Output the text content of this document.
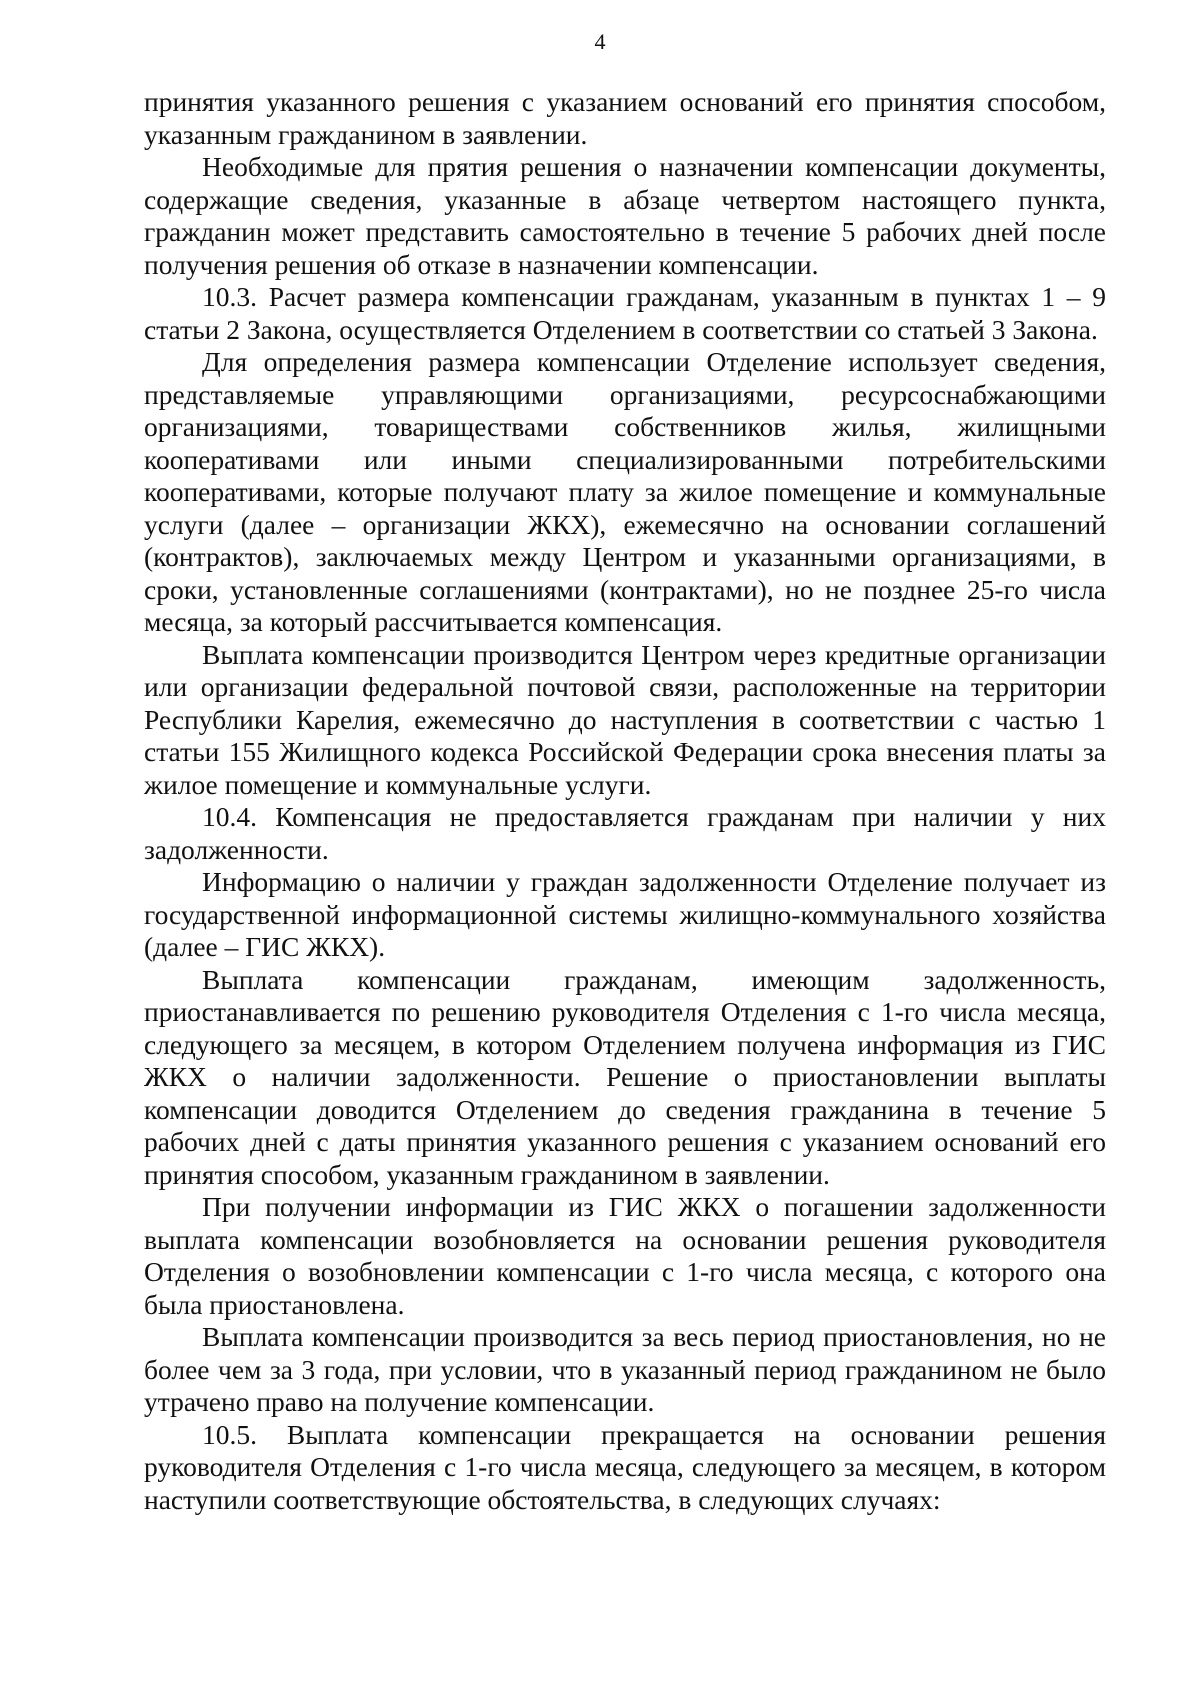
4

принятия указанного решения с указанием оснований его принятия способом, указанным гражданином в заявлении.

Необходимые для прятия решения о назначении компенсации документы, содержащие сведения, указанные в абзаце четвертом настоящего пункта, гражданин может представить самостоятельно в течение 5 рабочих дней после получения решения об отказе в назначении компенсации.

10.3. Расчет размера компенсации гражданам, указанным в пунктах 1 – 9 статьи 2 Закона, осуществляется Отделением в соответствии со статьей 3 Закона.

Для определения размера компенсации Отделение использует сведения, представляемые управляющими организациями, ресурсоснабжающими организациями, товариществами собственников жилья, жилищными кооперативами или иными специализированными потребительскими кооперативами, которые получают плату за жилое помещение и коммунальные услуги (далее – организации ЖКХ), ежемесячно на основании соглашений (контрактов), заключаемых между Центром и указанными организациями, в сроки, установленные соглашениями (контрактами), но не позднее 25-го числа месяца, за который рассчитывается компенсация.

Выплата компенсации производится Центром через кредитные организации или организации федеральной почтовой связи, расположенные на территории Республики Карелия, ежемесячно до наступления в соответствии с частью 1 статьи 155 Жилищного кодекса Российской Федерации срока внесения платы за жилое помещение и коммунальные услуги.

10.4. Компенсация не предоставляется гражданам при наличии у них задолженности.

Информацию о наличии у граждан задолженности Отделение получает из государственной информационной системы жилищно-коммунального хозяйства (далее – ГИС ЖКХ).

Выплата компенсации гражданам, имеющим задолженность, приостанавливается по решению руководителя Отделения с 1-го числа месяца, следующего за месяцем, в котором Отделением получена информация из ГИС ЖКХ о наличии задолженности. Решение о приостановлении выплаты компенсации доводится Отделением до сведения гражданина в течение 5 рабочих дней с даты принятия указанного решения с указанием оснований его принятия способом, указанным гражданином в заявлении.

При получении информации из ГИС ЖКХ о погашении задолженности выплата компенсации возобновляется на основании решения руководителя Отделения о возобновлении компенсации с 1-го числа месяца, с которого она была приостановлена.

Выплата компенсации производится за весь период приостановления, но не более чем за 3 года, при условии, что в указанный период гражданином не было утрачено право на получение компенсации.

10.5. Выплата компенсации прекращается на основании решения руководителя Отделения с 1-го числа месяца, следующего за месяцем, в котором наступили соответствующие обстоятельства, в следующих случаях:
